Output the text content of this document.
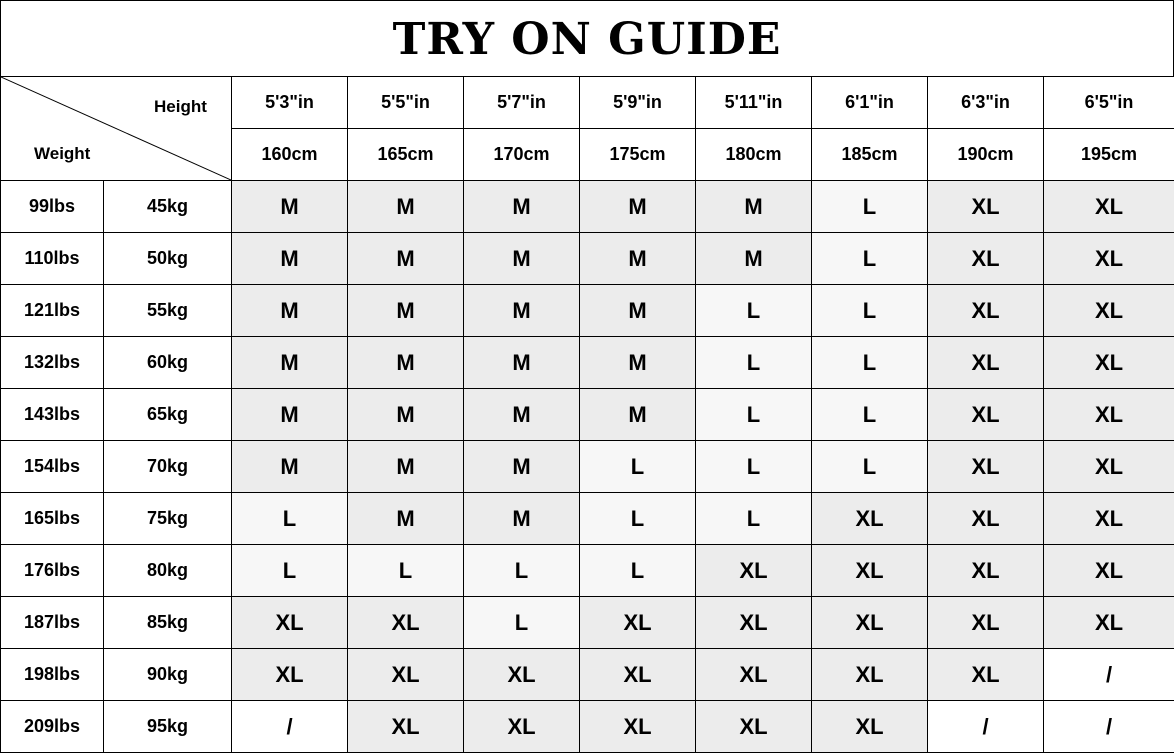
TRY ON GUIDE
Height
Weight		5'3"in	5'5"in	5'7"in	5'9"in	5'11"in	6'1"in	6'3"in	6'5"in
		160cm	165cm	170cm	175cm	180cm	185cm	190cm	195cm
99lbs	45kg	M	M	M	M	M	L	XL	XL
110lbs	50kg	M	M	M	M	M	L	XL	XL
121lbs	55kg	M	M	M	M	L	L	XL	XL
132lbs	60kg	M	M	M	M	L	L	XL	XL
143lbs	65kg	M	M	M	M	L	L	XL	XL
154lbs	70kg	M	M	M	L	L	L	XL	XL
165lbs	75kg	L	M	M	L	L	XL	XL	XL
176lbs	80kg	L	L	L	L	XL	XL	XL	XL
187lbs	85kg	XL	XL	L	XL	XL	XL	XL	XL
198lbs	90kg	XL	XL	XL	XL	XL	XL	XL	/
209lbs	95kg	/	XL	XL	XL	XL	XL	/	/
